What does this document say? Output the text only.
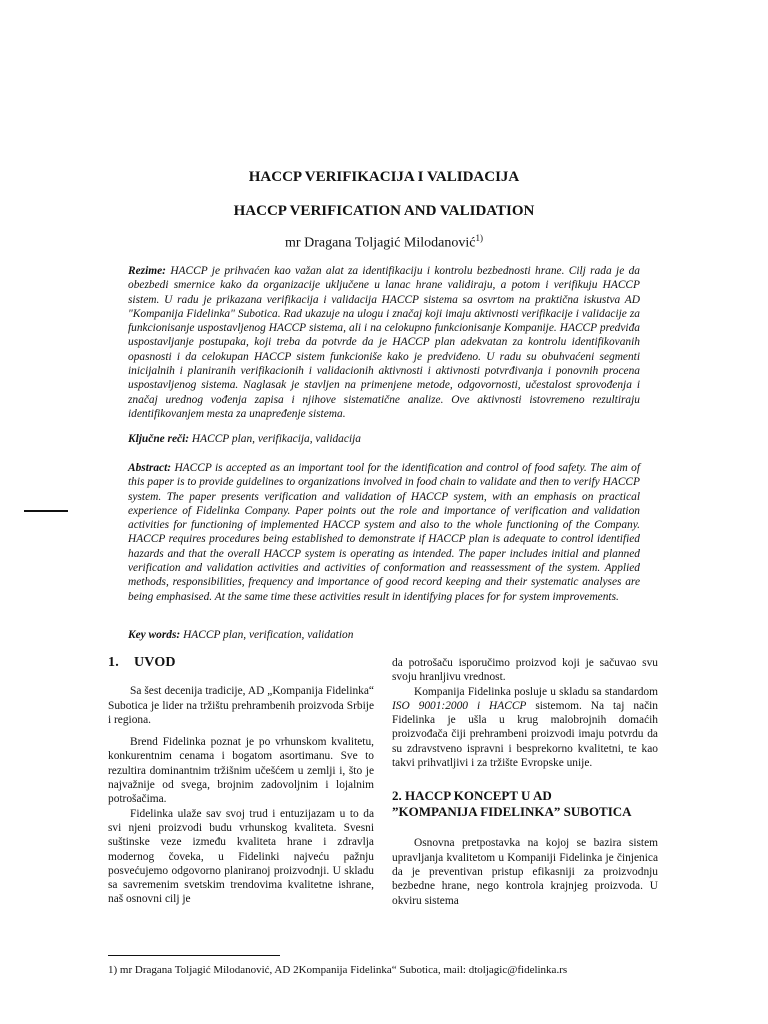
HACCP VERIFIKACIJA I VALIDACIJA
HACCP VERIFICATION AND VALIDATION
mr Dragana Toljagić Milodanović$^{1)}$
Rezime: HACCP je prihvaćen kao važan alat za identifikaciju i kontrolu bezbednosti hrane. Cilj rada je da obezbedi smernice kako da organizacije uključene u lanac hrane validiraju, a potom i verifikuju HACCP sistem. U radu je prikazana verifikacija i validacija HACCP sistema sa osvrtom na praktična iskustva AD "Kompanija Fidelinka" Subotica. Rad ukazuje na ulogu i značaj koji imaju aktivnosti verifikacije i validacije za funkcionisanje uspostavljenog HACCP sistema, ali i na celokupno funkcionisanje Kompanije. HACCP predviđa uspostavljanje postupaka, koji treba da potvrde da je HACCP plan adekvatan za kontrolu identifikovanih opasnosti i da celokupan HACCP sistem funkcioniše kako je predviđeno. U radu su obuhvaćeni segmenti inicijalnih i planiranih verifikacionih i validacionih aktivnosti i aktivnosti potvrđivanja i ponovnih procena uspostavljenog sistema. Naglasak je stavljen na primenjene metode, odgovornosti, učestalost sprovođenja i značaj urednog vođenja zapisa i njihove sistematične analize. Ove aktivnosti istovremeno rezultiraju identifikovanjem mesta za unapređenje sistema.
Ključne reči: HACCP plan, verifikacija, validacija
Abstract: HACCP is accepted as an important tool for the identification and control of food safety. The aim of this paper is to provide guidelines to organizations involved in food chain to validate and then to verify HACCP system. The paper presents verification and validation of HACCP system, with an emphasis on practical experience of Fidelinka Company. Paper points out the role and importance of verification and validation activities for functioning of implemented HACCP system and also to the whole functioning of the Company. HACCP requires procedures being established to demonstrate if HACCP plan is adequate to control identified hazards and that the overall HACCP system is operating as intended. The paper includes initial and planned verification and validation activities and activities of conformation and reassessment of the system. Applied methods, responsibilities, frequency and importance of good record keeping and their systematic analyses are being emphasised. At the same time these activities result in identifying places for for system improvements.
Key words: HACCP plan, verification, validation
1. UVOD

Sa šest decenija tradicije, AD „Kompanija Fidelinka“ Subotica je lider na tržištu prehrambenih proizvoda Srbije i regiona.

Brend Fidelinka poznat je po vrhunskom kvalitetu, konkurentnim cenama i bogatom asortimanu. Sve to rezultira dominantnim tržišnim učešćem u zemlji i, što je najvažnije od svega, brojnim zadovoljnim i lojalnim potrošačima.

Fidelinka ulaže sav svoj trud i entuzijazam u to da svi njeni proizvodi budu vrhunskog kvaliteta. Svesni suštinske veze između kvaliteta hrane i zdravlja modernog čoveka, u Fidelinki najveću pažnju posvećujemo odgovorno planiranoj proizvodnji. U skladu sa savremenim svetskim trendovima kvalitetne ishrane, naš osnovni cilj je

da potrošaču isporučimo proizvod koji je sačuvao svu svoju hranljivu vrednost.

Kompanija Fidelinka posluje u skladu sa standardom ISO 9001:2000 i HACCP sistemom. Na taj način Fidelinka je ušla u krug malobrojnih domaćih proizvođača čiji prehrambeni proizvodi imaju potvrdu da su zdravstveno ispravni i besprekorno kvalitetni, te kao takvi prihvatljivi i za tržište Evropske unije.

2. HACCP KONCEPT U AD
”KOMPANIJA FIDELINKA” SUBOTICA

Osnovna pretpostavka na kojoj se bazira sistem upravljanja kvalitetom u Kompaniji Fidelinka je činjenica da je preventivan pristup efikasniji za proizvodnju bezbedne hrane, nego kontrola krajnjeg proizvoda. U okviru sistema

1) mr Dragana Toljagić Milodanović, AD 2Kompanija Fidelinka“ Subotica, mail: dtoljagic@fidelinka.rs
